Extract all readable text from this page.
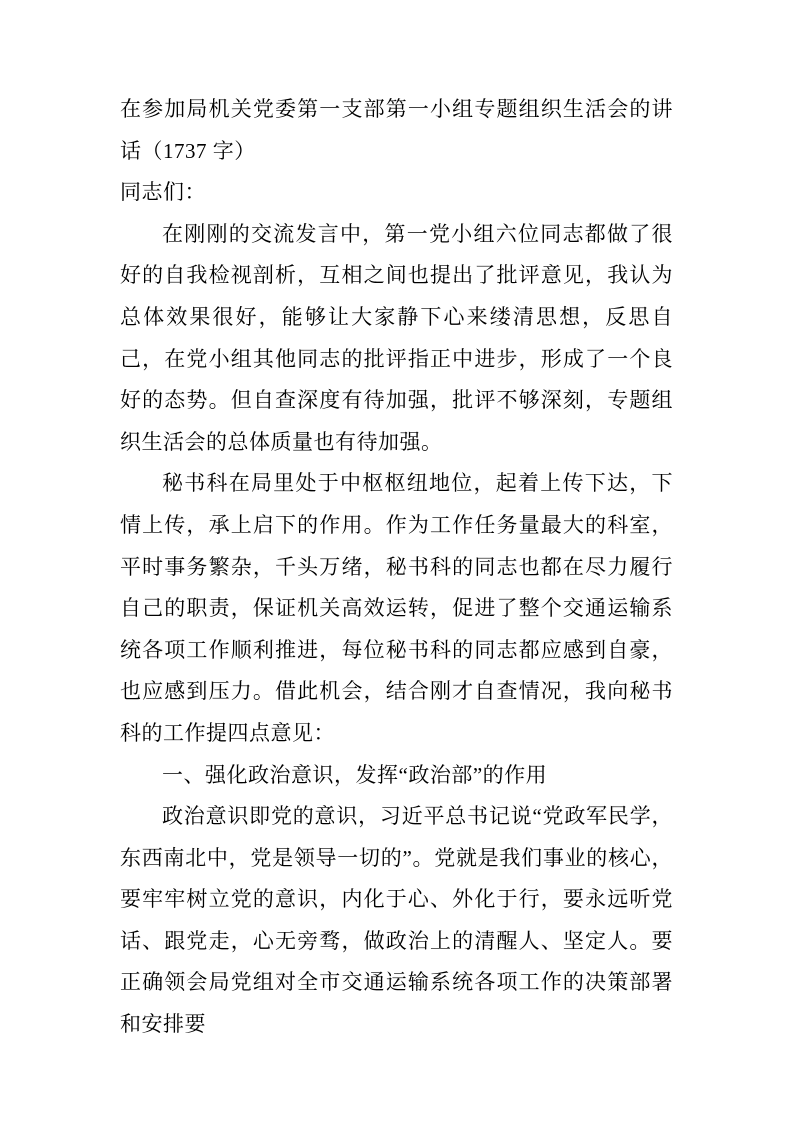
在参加局机关党委第一支部第一小组专题组织生活会的讲话（1737 字）

同志们：

在刚刚的交流发言中，第一党小组六位同志都做了很好的自我检视剖析，互相之间也提出了批评意见，我认为总体效果很好，能够让大家静下心来缕清思想，反思自己，在党小组其他同志的批评指正中进步，形成了一个良好的态势。但自查深度有待加强，批评不够深刻，专题组织生活会的总体质量也有待加强。

秘书科在局里处于中枢枢纽地位，起着上传下达，下情上传，承上启下的作用。作为工作任务量最大的科室，平时事务繁杂，千头万绪，秘书科的同志也都在尽力履行自己的职责，保证机关高效运转，促进了整个交通运输系统各项工作顺利推进，每位秘书科的同志都应感到自豪，也应感到压力。借此机会，结合刚才自查情况，我向秘书科的工作提四点意见：

一、强化政治意识，发挥“政治部”的作用

政治意识即党的意识，习近平总书记说“党政军民学，东西南北中，党是领导一切的”。党就是我们事业的核心，要牢牢树立党的意识，内化于心、外化于行，要永远听党话、跟党走，心无旁骛，做政治上的清醒人、坚定人。要正确领会局党组对全市交通运输系统各项工作的决策部署和安排要
